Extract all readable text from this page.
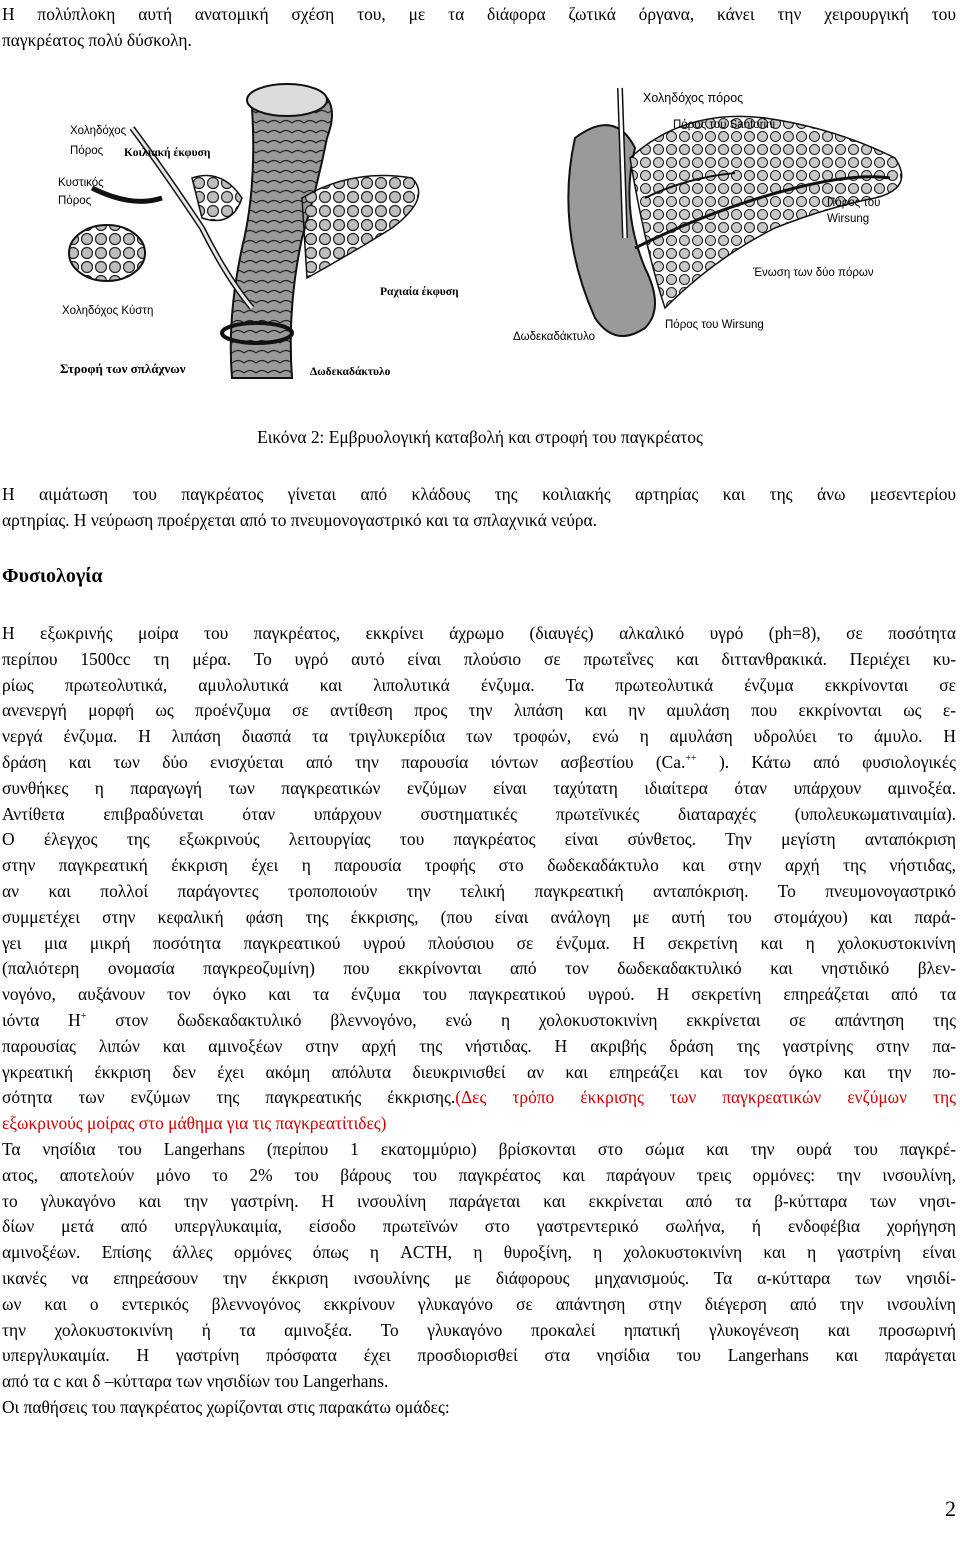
Η πολύπλοκη αυτή ανατομική σχέση του, με τα διάφορα ζωτικά όργανα, κάνει την χειρουργική του
παγκρέατος πολύ δύσκολη.

Χοληδόχος
Πόρος Κοιλιακή έκφυση
Κυστικός
Πόρος
Χοληδόχος Κύστη
Ραχιαία έκφυση
Στροφή των σπλάχνων	Δωδεκαδάκτυλο
Χοληδόχος πόρος
Πόρος του Santorini
Πόρος του
Wirsung
Ένωση των δύο πόρων
Δωδεκαδάκτυλο
Πόρος του Wirsung

Εικόνα 2: Εμβρυολογική καταβολή και στροφή του παγκρέατος

Η αιμάτωση του παγκρέατος γίνεται από κλάδους της κοιλιακής αρτηρίας και της άνω μεσεντερίου
αρτηρίας. Η νεύρωση προέρχεται από το πνευμονογαστρικό και τα σπλαχνικά νεύρα.

Φυσιολογία

Η εξωκρινής μοίρα του παγκρέατος, εκκρίνει άχρωμο (διαυγές) αλκαλικό υγρό (ph=8), σε ποσότητα
περίπου 1500cc τη μέρα. Το υγρό αυτό είναι πλούσιο σε πρωτεΐνες και διττανθρακικά. Περιέχει κυ-
ρίως πρωτεολυτικά, αμυλολυτικά και λιπολυτικά ένζυμα. Τα πρωτεολυτικά ένζυμα εκκρίνονται σε
ανενεργή μορφή ως προένζυμα σε αντίθεση προς την λιπάση και ην αμυλάση που εκκρίνονται ως ε-
νεργά ένζυμα. Η λιπάση διασπά τα τριγλυκερίδια των τροφών, ενώ η αμυλάση υδρολύει το άμυλο. Η
δράση και των δύο ενισχύεται από την παρουσία ιόντων ασβεστίου (Ca.++ ). Κάτω από φυσιολογικές
συνθήκες η παραγωγή των παγκρεατικών ενζύμων είναι ταχύτατη ιδιαίτερα όταν υπάρχουν αμινοξέα.
Αντίθετα επιβραδύνεται όταν υπάρχουν συστηματικές πρωτεϊνικές διαταραχές (υπολευκωματιναιμία).
Ο έλεγχος της εξωκρινούς λειτουργίας του παγκρέατος είναι σύνθετος. Την μεγίστη ανταπόκριση
στην παγκρεατική έκκριση έχει η παρουσία τροφής στο δωδεκαδάκτυλο και στην αρχή της νήστιδας,
αν και πολλοί παράγοντες τροποποιούν την τελική παγκρεατική ανταπόκριση. Το πνευμονογαστρικό
συμμετέχει στην κεφαλική φάση της έκκρισης, (που είναι ανάλογη με αυτή του στομάχου) και παρά-
γει μια μικρή ποσότητα παγκρεατικού υγρού πλούσιου σε ένζυμα. Η σεκρετίνη και η χολοκυστοκινίνη
(παλιότερη ονομασία παγκρεοζυμίνη) που εκκρίνονται από τον δωδεκαδακτυλικό και νηστιδικό βλεν-
νογόνο, αυξάνουν τον όγκο και τα ένζυμα του παγκρεατικού υγρού. Η σεκρετίνη επηρεάζεται από τα
ιόντα Η+ στον δωδεκαδακτυλικό βλεννογόνο, ενώ η χολοκυστοκινίνη εκκρίνεται σε απάντηση της
παρουσίας λιπών και αμινοξέων στην αρχή της νήστιδας. Η ακριβής δράση της γαστρίνης στην πα-
γκρεατική έκκριση δεν έχει ακόμη απόλυτα διευκρινισθεί αν και επηρεάζει και τον όγκο και την πο-
σότητα των ενζύμων της παγκρεατικής έκκρισης.(Δες τρόπο έκκρισης των παγκρεατικών ενζύμων της
εξωκρινούς μοίρας στο μάθημα για τις παγκρεατίτιδες)
Τα νησίδια του Langerhans (περίπου 1 εκατομμύριο) βρίσκονται στο σώμα και την ουρά του παγκρέ-
ατος, αποτελούν μόνο το 2% του βάρους του παγκρέατος και παράγουν τρεις ορμόνες: την ινσουλίνη,
το γλυκαγόνο και την γαστρίνη. Η ινσουλίνη παράγεται και εκκρίνεται από τα β-κύτταρα των νησι-
δίων μετά από υπεργλυκαιμία, είσοδο πρωτεϊνών στο γαστρεντερικό σωλήνα, ή ενδοφέβια χορήγηση
αμινοξέων. Επίσης άλλες ορμόνες όπως η ACTH, η θυροξίνη, η χολοκυστοκινίνη και η γαστρίνη είναι
ικανές να επηρεάσουν την έκκριση ινσουλίνης με διάφορους μηχανισμούς. Τα α-κύτταρα των νησιδί-
ων και ο εντερικός βλεννογόνος εκκρίνουν γλυκαγόνο σε απάντηση στην διέγερση από την ινσουλίνη
την χολοκυστοκινίνη ή τα αμινοξέα. Το γλυκαγόνο προκαλεί ηπατική γλυκογένεση και προσωρινή
υπεργλυκαιμία. Η γαστρίνη πρόσφατα έχει προσδιορισθεί στα νησίδια του Langerhans και παράγεται
από τα c και δ –κύτταρα των νησιδίων του Langerhans.
Οι παθήσεις του παγκρέατος χωρίζονται στις παρακάτω ομάδες:

2
